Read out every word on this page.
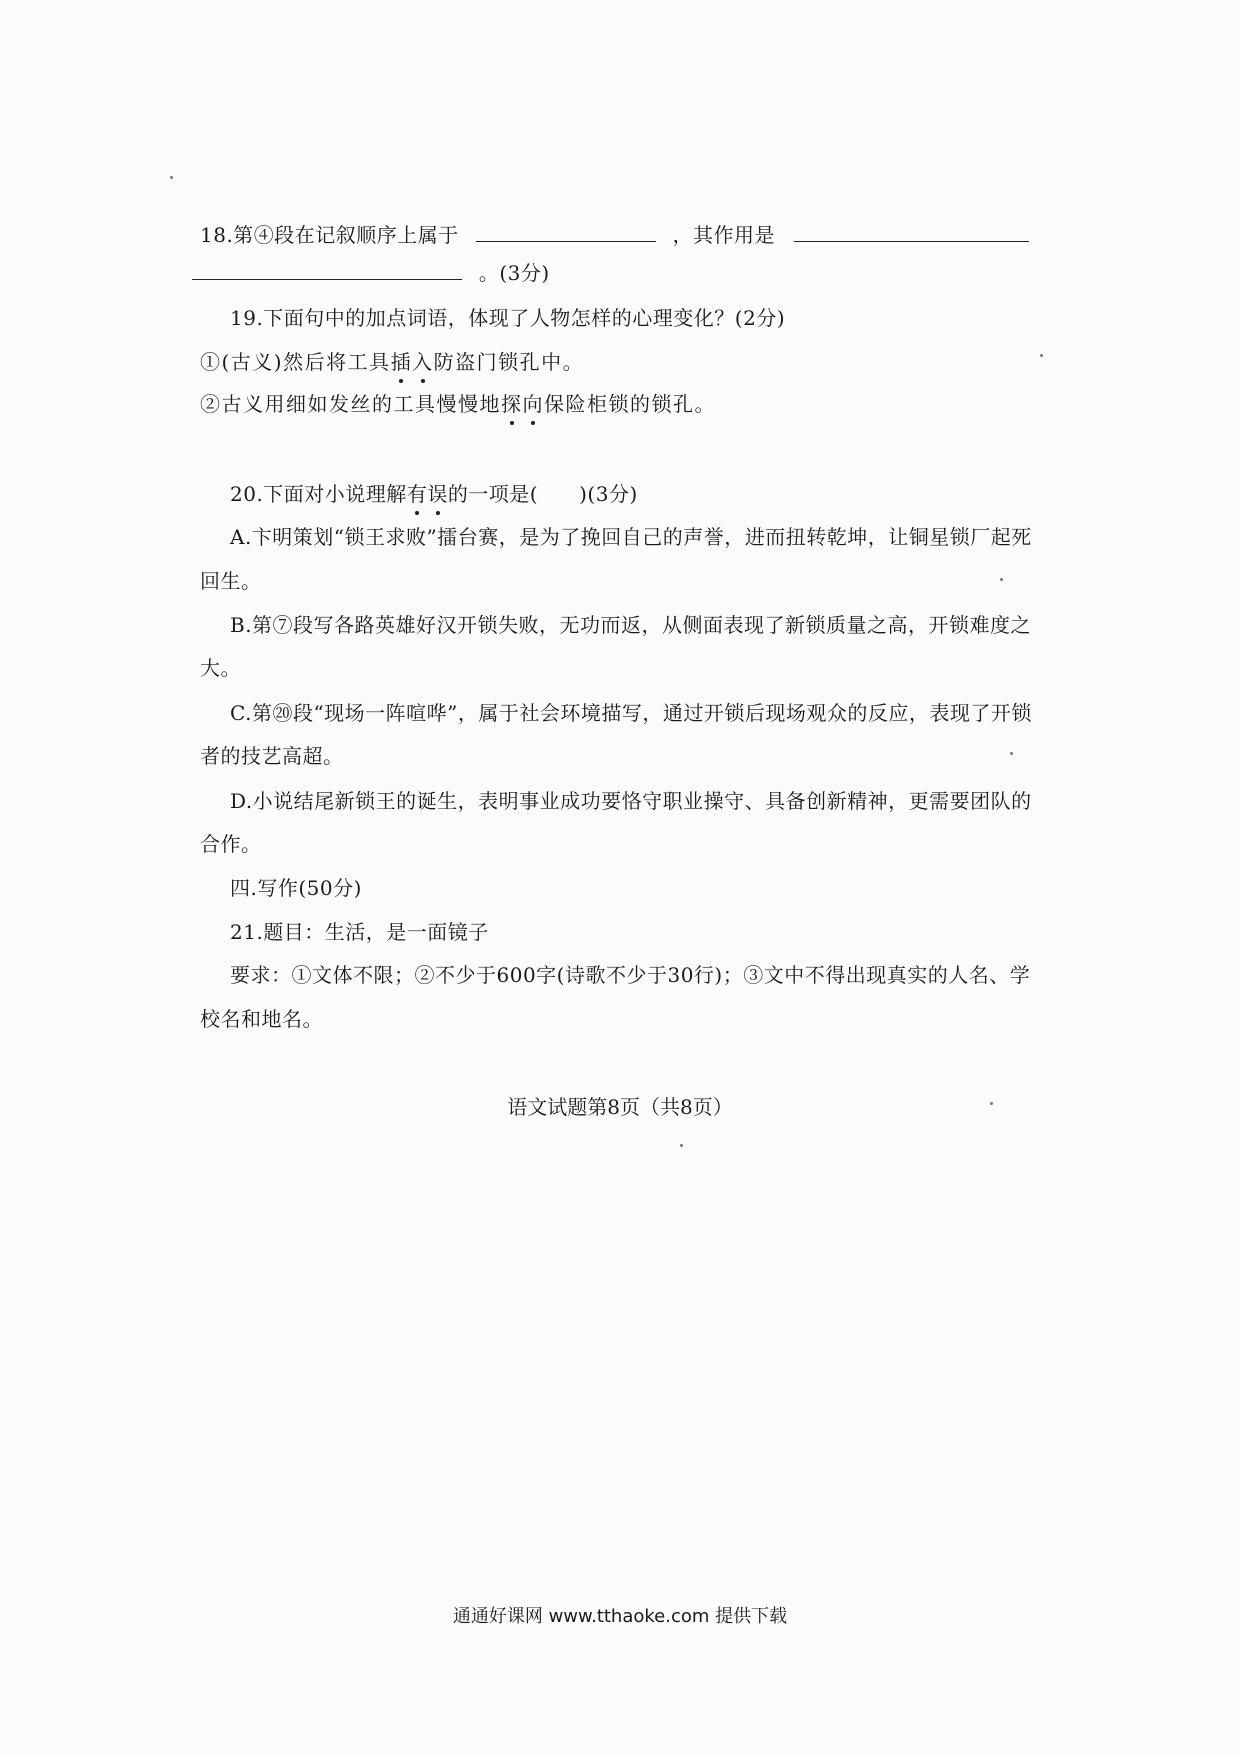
18.第④段在记叙顺序上属于	，其作用是
。(3分)
19.下面句中的加点词语，体现了人物怎样的心理变化？(2分)
①(古义)然后将工具插入防盗门锁孔中。
②古义用细如发丝的工具慢慢地探向保险柜锁的锁孔。
20.下面对小说理解有误的一项是(　　)(3分)
A.卞明策划“锁王求败”擂台赛，是为了挽回自己的声誉，进而扭转乾坤，让铜星锁厂起死
回生。
B.第⑦段写各路英雄好汉开锁失败，无功而返，从侧面表现了新锁质量之高，开锁难度之
大。
C.第⑳段“现场一阵喧哗”，属于社会环境描写，通过开锁后现场观众的反应，表现了开锁
者的技艺高超。
D.小说结尾新锁王的诞生，表明事业成功要恪守职业操守、具备创新精神，更需要团队的
合作。
四.写作(50分)
21.题目：生活，是一面镜子
要求：①文体不限；②不少于600字(诗歌不少于30行)；③文中不得出现真实的人名、学
校名和地名。
语文试题第8页（共8页）
通通好课网 www.tthaoke.com 提供下载
